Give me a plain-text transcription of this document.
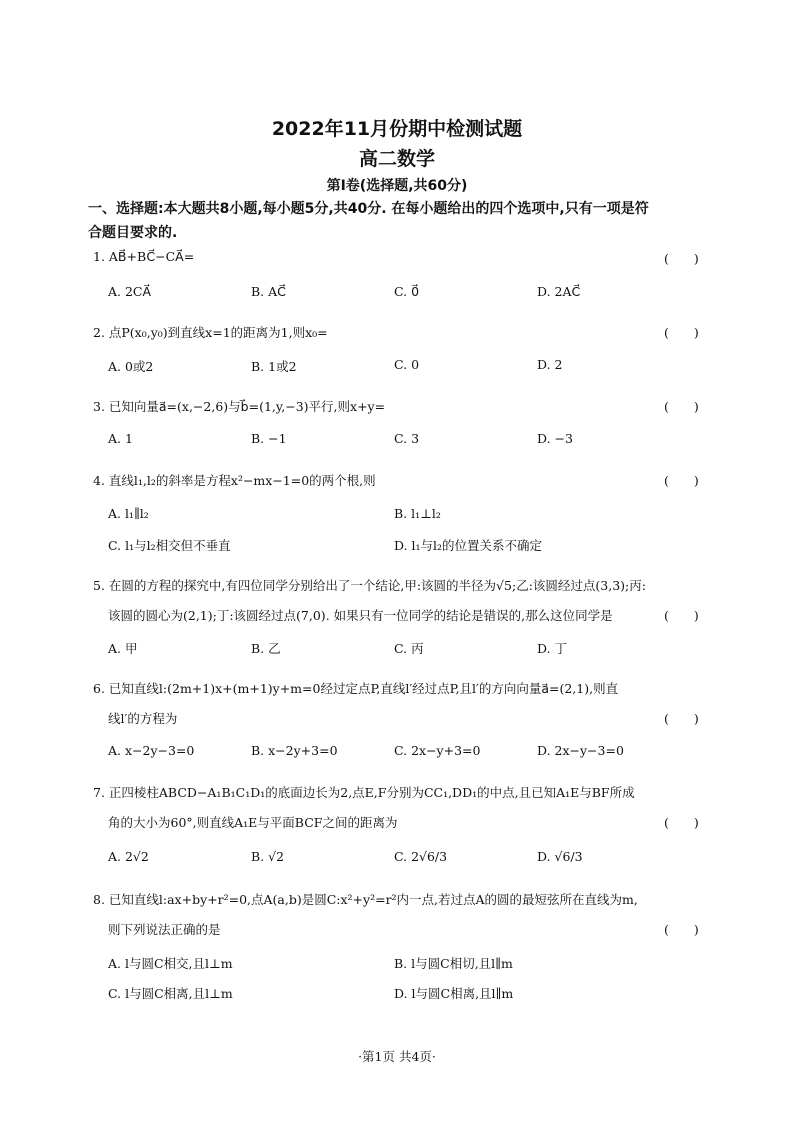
2022年11月份期中检测试题
高二数学
第Ⅰ卷(选择题,共60分)
一、选择题:本大题共8小题,每小题5分,共40分. 在每小题给出的四个选项中,只有一项是符
合题目要求的.
1. AB⃗+BC⃗−CA⃗=	(　　)
A. 2CA⃗	B. AC⃗	C. 0⃗	D. 2AC⃗
2. 点P(x₀,y₀)到直线x=1的距离为1,则x₀=	(　　)
A. 0或2	B. 1或2	C. 0	D. 2
3. 已知向量a⃗=(x,−2,6)与b⃗=(1,y,−3)平行,则x+y=	(　　)
A. 1	B. −1	C. 3	D. −3
4. 直线l₁,l₂的斜率是方程x²−mx−1=0的两个根,则	(　　)
A. l₁∥l₂	B. l₁⊥l₂
C. l₁与l₂相交但不垂直	D. l₁与l₂的位置关系不确定
5. 在圆的方程的探究中,有四位同学分别给出了一个结论,甲:该圆的半径为√5;乙:该圆经过点(3,3);丙:
该圆的圆心为(2,1);丁:该圆经过点(7,0). 如果只有一位同学的结论是错误的,那么这位同学是	(　　)
A. 甲	B. 乙	C. 丙	D. 丁
6. 已知直线l:(2m+1)x+(m+1)y+m=0经过定点P,直线l′经过点P,且l′的方向向量a⃗=(2,1),则直
线l′的方程为	(　　)
A. x−2y−3=0	B. x−2y+3=0	C. 2x−y+3=0	D. 2x−y−3=0
7. 正四棱柱ABCD−A₁B₁C₁D₁的底面边长为2,点E,F分别为CC₁,DD₁的中点,且已知A₁E与BF所成
角的大小为60°,则直线A₁E与平面BCF之间的距离为	(　　)
A. 2√2	B. √2	C. 2√6/3	D. √6/3
8. 已知直线l:ax+by+r²=0,点A(a,b)是圆C:x²+y²=r²内一点,若过点A的圆的最短弦所在直线为m,
则下列说法正确的是	(　　)
A. l与圆C相交,且l⊥m	B. l与圆C相切,且l∥m
C. l与圆C相离,且l⊥m	D. l与圆C相离,且l∥m
·第1页 共4页·
